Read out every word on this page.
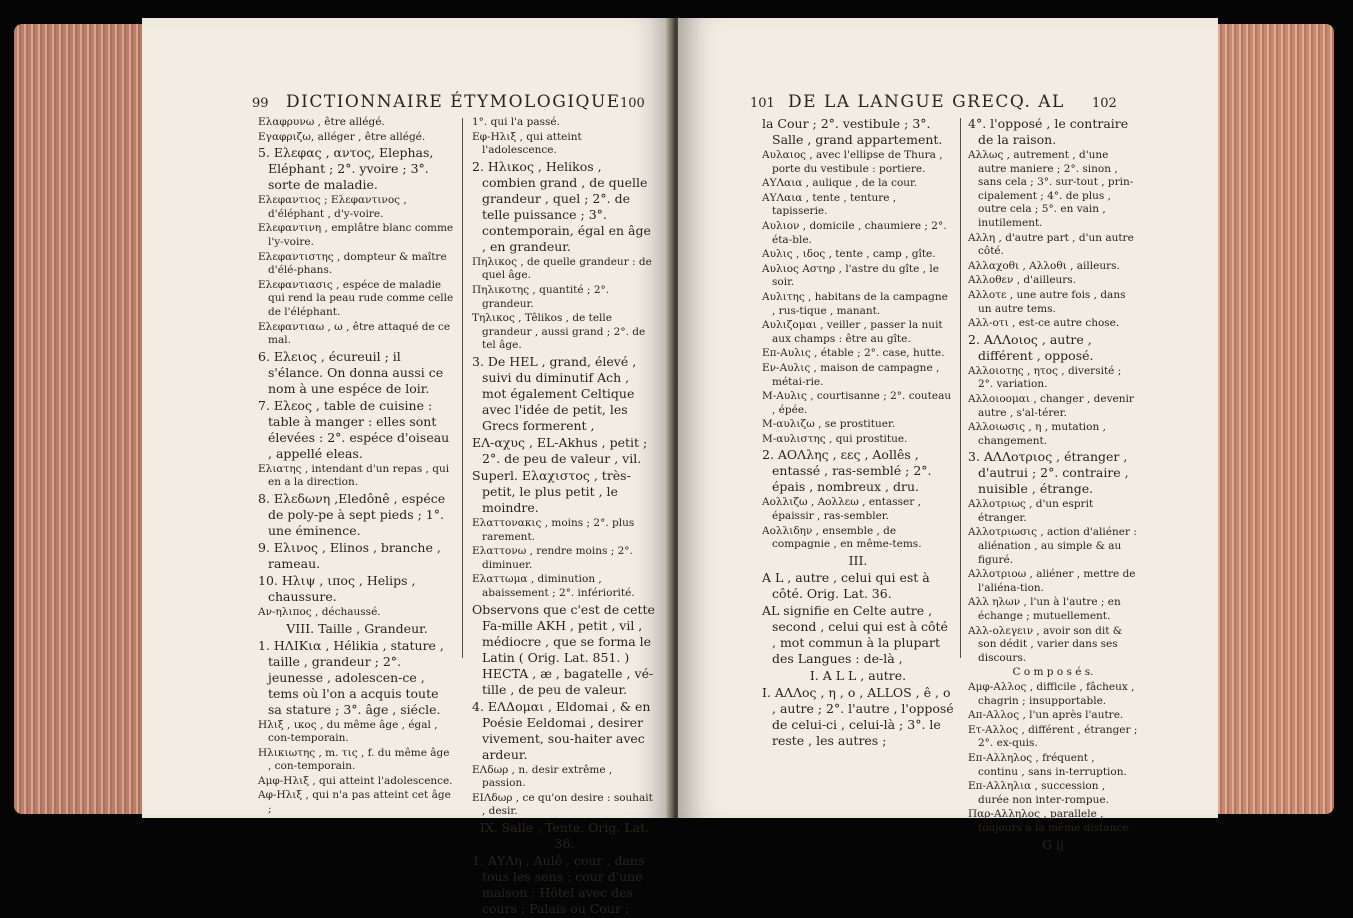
99 DICTIONNAIRE ÉTYMOLOGIQUE 100

Ελαφρυνω , être allégé.

Εγαφριζω, alléger , être allégé.

5. Ελεφας , αντος, Elephas, Eléphant ; 2°. yvoire ; 3°. sorte de maladie.

Ελεφαντιος ; Ελεφαντινος , d'éléphant , d'y-voire.

Ελεφαντινη , emplâtre blanc comme l'y-voire.

Ελεφαντιστης , dompteur & maître d'élé-phans.

Ελεφαντιασις , espéce de maladie qui rend la peau rude comme celle de l'éléphant.

Ελεφαντιαω , ω , être attaqué de ce mal.

6. Ελειος , écureuil ; il s'élance. On donna aussi ce nom à une espéce de loir.

7. Ελεος , table de cuisine : table à manger : elles sont élevées : 2°. espéce d'oiseau , appellé eleas.

Ελιατης , intendant d'un repas , qui en a la direction.

8. Ελεδωνη ,Eledônê , espéce de poly-pe à sept pieds ; 1°. une éminence.

9. Ελινος , Elinos , branche , rameau.

10. Ηλιψ , ιπος , Helips , chaussure.

Αν-ηλιπος , déchaussé.

VIII. Taille , Grandeur.

1. ΗΛΙΚια , Hélikia , stature , taille , grandeur ; 2°. jeunesse , adolescen-ce , tems où l'on a acquis toute sa stature ; 3°. âge , siécle.

Ηλιξ , ικος , du même âge , égal , con-temporain.

Ηλικιωτης , m. τις , f. du même âge , con-temporain.

Αμφ-Ηλιξ , qui atteint l'adolescence.

Αφ-Ηλιξ , qui n'a pas atteint cet âge ;

1°. qui l'a passé.

Εφ-Ηλιξ , qui atteint l'adolescence.

2. Ηλικος , Helikos , combien grand , de quelle grandeur , quel ; 2°. de telle puissance ; 3°. contemporain, égal en âge , en grandeur.

Πηλικος , de quelle grandeur : de quel âge.

Πηλικοτης , quantité ; 2°. grandeur.

Τηλικος , Têlikos , de telle grandeur , aussi grand ; 2°. de tel âge.

3. De HEL , grand, élevé , suivi du diminutif Ach , mot également Celtique avec l'idée de petit, les Grecs formerent ,

ΕΛ-αχυς , EL-Akhus , petit ; 2°. de peu de valeur , vil.

Superl. Ελαχιστος , très-petit, le plus petit , le moindre.

Ελαττονακις , moins ; 2°. plus rarement.

Ελαττονω , rendre moins ; 2°. diminuer.

Ελαττωμα , diminution , abaissement ; 2°. infériorité.

Observons que c'est de cette Fa-mille AKH , petit , vil , médiocre , que se forma le Latin ( Orig. Lat. 851. ) HECTA , æ , bagatelle , vé-tille , de peu de valeur.

4. ΕΛΔομαι , Eldomai , & en Poésie Eeldomai , desirer vivement, sou-haiter avec ardeur.

ΕΛδωρ , n. desir extrême , passion.

ΕΙΛδωρ , ce qu'on desire : souhait , desir.

IX. Salle , Tente. Orig. Lat. 36.

1. ΑΥΛη , Aulê , cour , dans tous les sens : cour d'une maison : Hôtel avec des cours : Palais ou Cour :

101 DE LA LANGUE GRECQ. AL 102

la Cour ; 2°. vestibule ; 3°. Salle , grand appartement.

Αυλαιος , avec l'ellipse de Thura , porte du vestibule : portiere.

ΑΥΛαια , aulique , de la cour.

ΑΥΛαια , tente , tenture , tapisserie.

Αυλιον , domicile , chaumiere ; 2°. éta-ble.

Αυλις , ιδος , tente , camp , gîte.

Αυλιος Αστηρ , l'astre du gîte , le soir.

Αυλιτης , habitans de la campagne , rus-tique , manant.

Αυλιζομαι , veiller , passer la nuit aux champs : être au gîte.

Επ-Αυλις , étable ; 2°. case, hutte.

Εν-Αυλις , maison de campagne , métai-rie.

Μ-Αυλις , courtisanne ; 2°. couteau , épée.

Μ-αυλιζω , se prostituer.

Μ-αυλιστης , qui prostitue.

2. ΑΟΛλης , εες , Aollês , entassé , ras-semblé ; 2°. épais , nombreux , dru.

Αολλιζω , Αολλεω , entasser , épaissir , ras-sembler.

Αολλιδην , ensemble , de compagnie , en même-tems.

III.

A L , autre , celui qui est à côté. Orig. Lat. 36.

AL signifie en Celte autre , second , celui qui est à côté , mot commun à la plupart des Langues : de-là ,

I. A L L , autre.

I. ΑΛΛος , η , ο , ALLOS , ê , o , autre ; 2°. l'autre , l'opposé de celui-ci , celui-là ; 3°. le reste , les autres ;

4°. l'opposé , le contraire de la raison.

Αλλως , autrement , d'une autre maniere ; 2°. sinon , sans cela ; 3°. sur-tout , prin-cipalement ; 4°. de plus , outre cela ; 5°. en vain , inutilement.

Αλλη , d'autre part , d'un autre côté.

Αλλαχοθι , Αλλοθι , ailleurs.

Αλλοθεν , d'ailleurs.

Αλλοτε , une autre fois , dans un autre tems.

Αλλ-οτι , est-ce autre chose.

2. ΑΛΛοιος , autre , différent , opposé.

Αλλοιοτης , ητος , diversité ; 2°. variation.

Αλλοιοομαι , changer , devenir autre , s'al-térer.

Αλλοιωσις , η , mutation , changement.

3. ΑΛΛοτριος , étranger , d'autrui ; 2°. contraire , nuisible , étrange.

Αλλοτριως , d'un esprit étranger.

Αλλοτριωσις , action d'aliéner : aliénation , au simple & au figuré.

Αλλοτριοω , aliéner , mettre de l'aliéna-tion.

Αλλ ηλων , l'un à l'autre ; en échange ; mutuellement.

Αλλ-ολεγειν , avoir son dit & son dédit , varier dans ses discours.

C o m p o s é s.

Αμφ-Αλλος , difficile , fâcheux , chagrin ; insupportable.

Απ-Αλλος , l'un après l'autre.

Ετ-Αλλος , différent , étranger ; 2°. ex-quis.

Επ-Αλληλος , fréquent , continu , sans in-terruption.

Επ-Αλληλια , succession , durée non inter-rompue.

Παρ-Αλληλος , parallele , toujours à la même distance.

G ij
